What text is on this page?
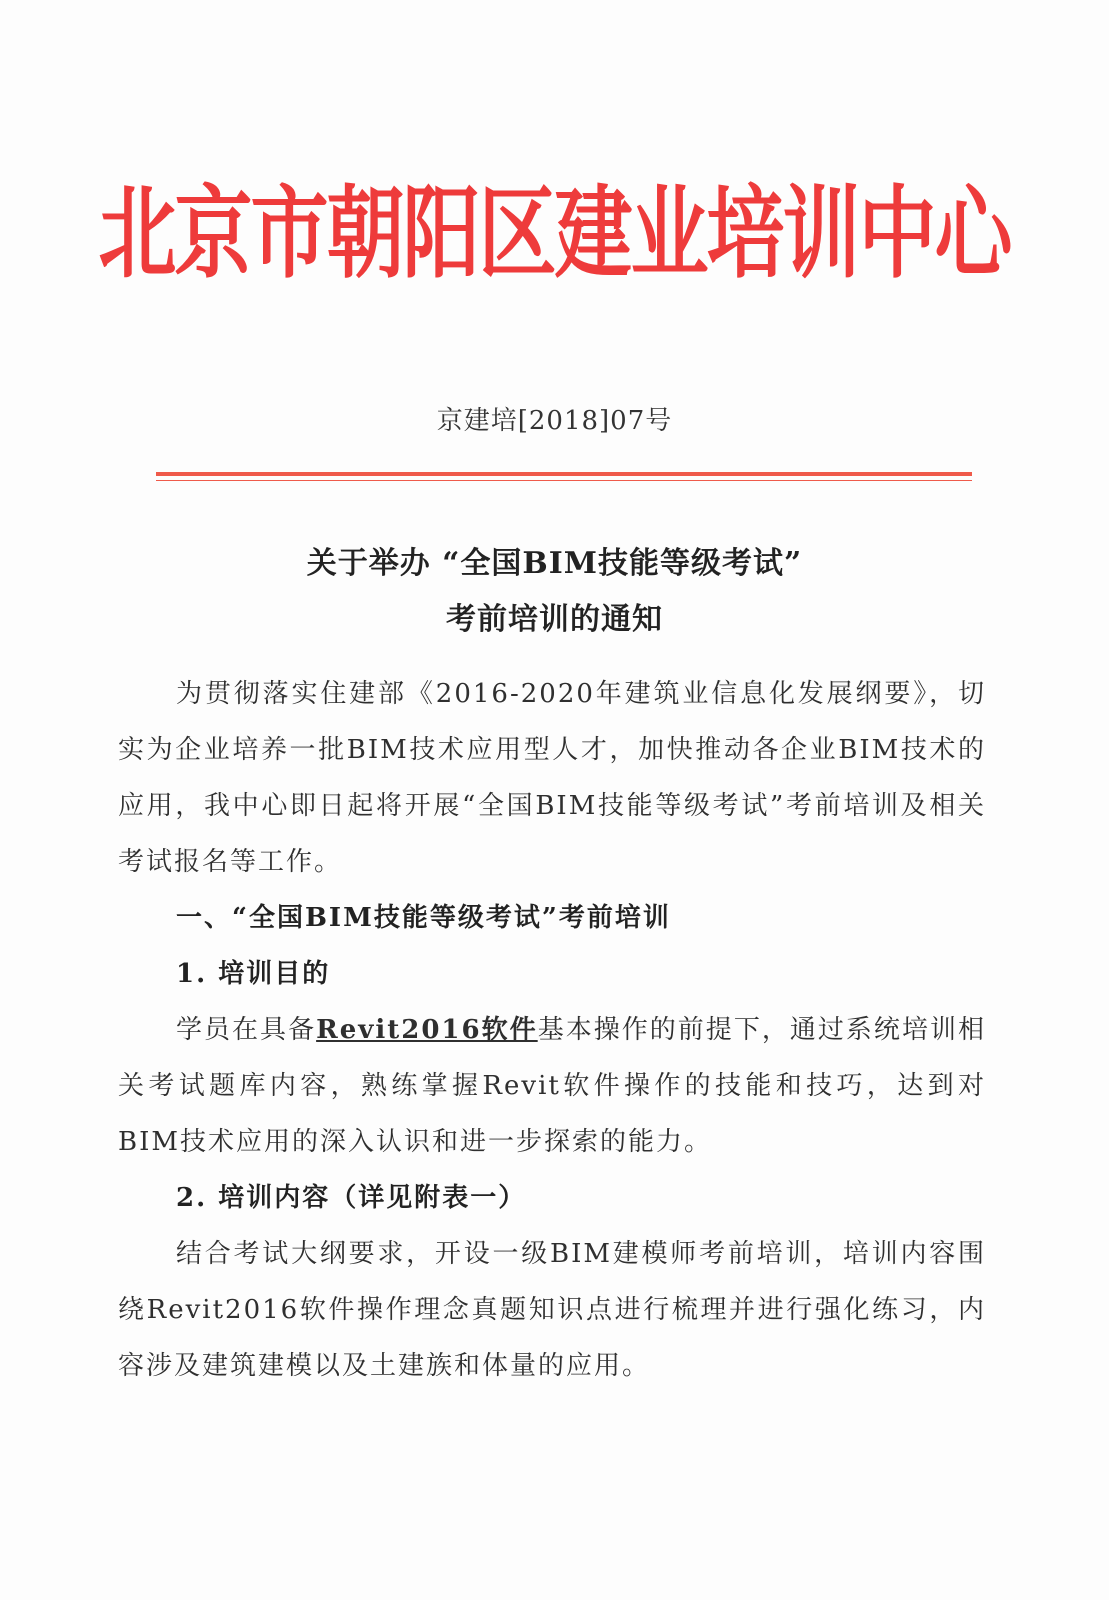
北京市朝阳区建业培训中心
京建培[2018]07号
关于举办 “全国BIM技能等级考试”
考前培训的通知

为贯彻落实住建部《2016-2020年建筑业信息化发展纲要》，切实为企业培养一批BIM技术应用型人才，加快推动各企业BIM技术的应用，我中心即日起将开展“全国BIM技能等级考试”考前培训及相关考试报名等工作。

一、“全国BIM技能等级考试”考前培训

1. 培训目的

学员在具备Revit2016软件基本操作的前提下，通过系统培训相关考试题库内容，熟练掌握Revit软件操作的技能和技巧，达到对BIM技术应用的深入认识和进一步探索的能力。

2. 培训内容（详见附表一）

结合考试大纲要求，开设一级BIM建模师考前培训，培训内容围绕Revit2016软件操作理念真题知识点进行梳理并进行强化练习，内容涉及建筑建模以及土建族和体量的应用。
